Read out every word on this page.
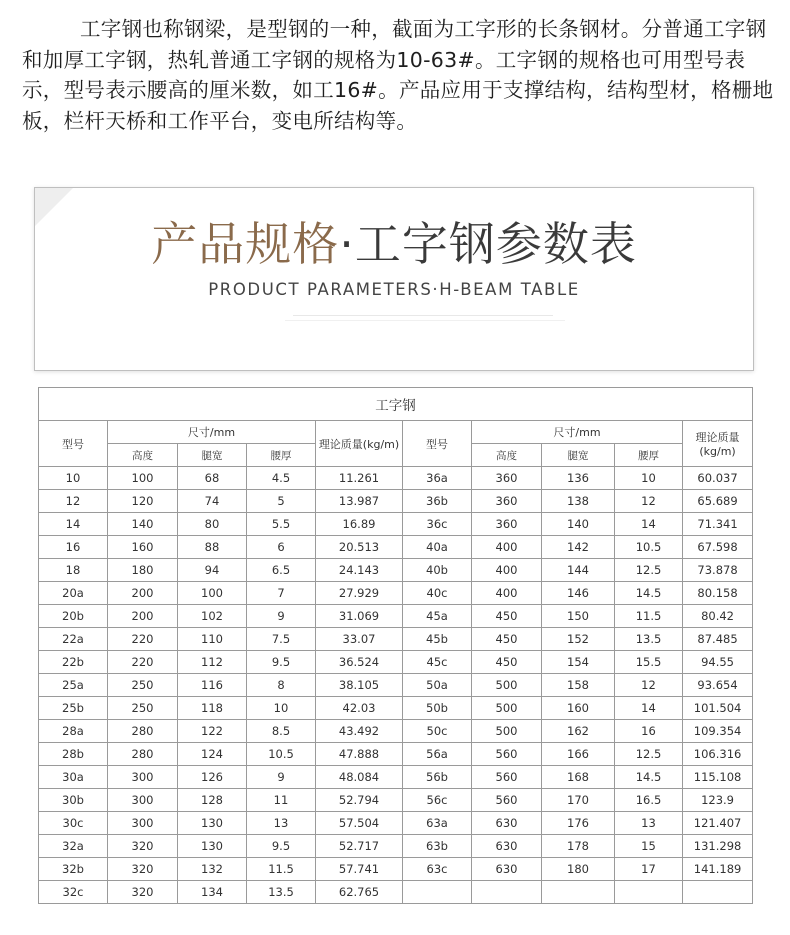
工字钢也称钢梁，是型钢的一种，截面为工字形的长条钢材。分普通工字钢和加厚工字钢，热轧普通工字钢的规格为10-63#。工字钢的规格也可用型号表示，型号表示腰高的厘米数，如工16#。产品应用于支撑结构，结构型材，格栅地板，栏杆天桥和工作平台，变电所结构等。

产品规格·工字钢参数表
PRODUCT PARAMETERS·H-BEAM TABLE
工字钢									
型号	尺寸/mm			理论质量(kg/m)	型号	尺寸/mm			理论质量
(kg/m)
	高度	腿宽	腰厚			高度	腿宽	腰厚	
10	100	68	4.5	11.261	36a	360	136	10	60.037
12	120	74	5	13.987	36b	360	138	12	65.689
14	140	80	5.5	16.89	36c	360	140	14	71.341
16	160	88	6	20.513	40a	400	142	10.5	67.598
18	180	94	6.5	24.143	40b	400	144	12.5	73.878
20a	200	100	7	27.929	40c	400	146	14.5	80.158
20b	200	102	9	31.069	45a	450	150	11.5	80.42
22a	220	110	7.5	33.07	45b	450	152	13.5	87.485
22b	220	112	9.5	36.524	45c	450	154	15.5	94.55
25a	250	116	8	38.105	50a	500	158	12	93.654
25b	250	118	10	42.03	50b	500	160	14	101.504
28a	280	122	8.5	43.492	50c	500	162	16	109.354
28b	280	124	10.5	47.888	56a	560	166	12.5	106.316
30a	300	126	9	48.084	56b	560	168	14.5	115.108
30b	300	128	11	52.794	56c	560	170	16.5	123.9
30c	300	130	13	57.504	63a	630	176	13	121.407
32a	320	130	9.5	52.717	63b	630	178	15	131.298
32b	320	132	11.5	57.741	63c	630	180	17	141.189
32c	320	134	13.5	62.765					
